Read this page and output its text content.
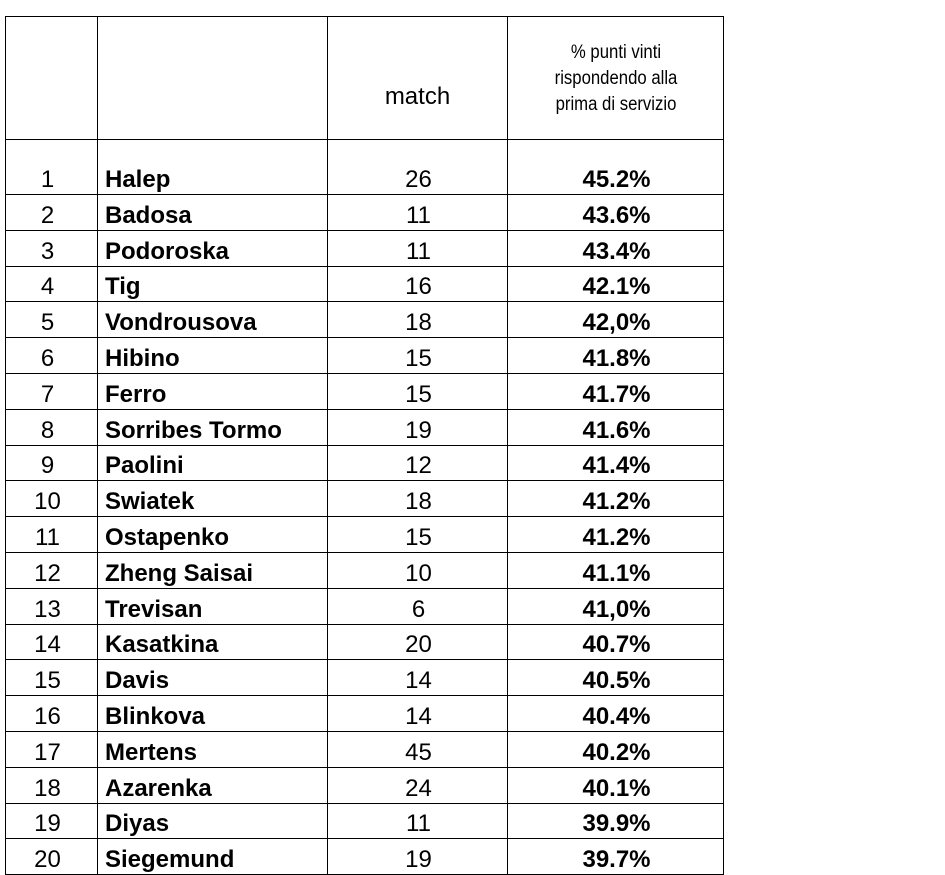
		match	% punti vinti
rispondendo alla
prima di servizio

1	Halep	26	45.2%
2	Badosa	11	43.6%
3	Podoroska	11	43.4%
4	Tig	16	42.1%
5	Vondrousova	18	42,0%
6	Hibino	15	41.8%
7	Ferro	15	41.7%
8	Sorribes Tormo	19	41.6%
9	Paolini	12	41.4%
10	Swiatek	18	41.2%
11	Ostapenko	15	41.2%
12	Zheng Saisai	10	41.1%
13	Trevisan	6	41,0%
14	Kasatkina	20	40.7%
15	Davis	14	40.5%
16	Blinkova	14	40.4%
17	Mertens	45	40.2%
18	Azarenka	24	40.1%
19	Diyas	11	39.9%
20	Siegemund	19	39.7%
